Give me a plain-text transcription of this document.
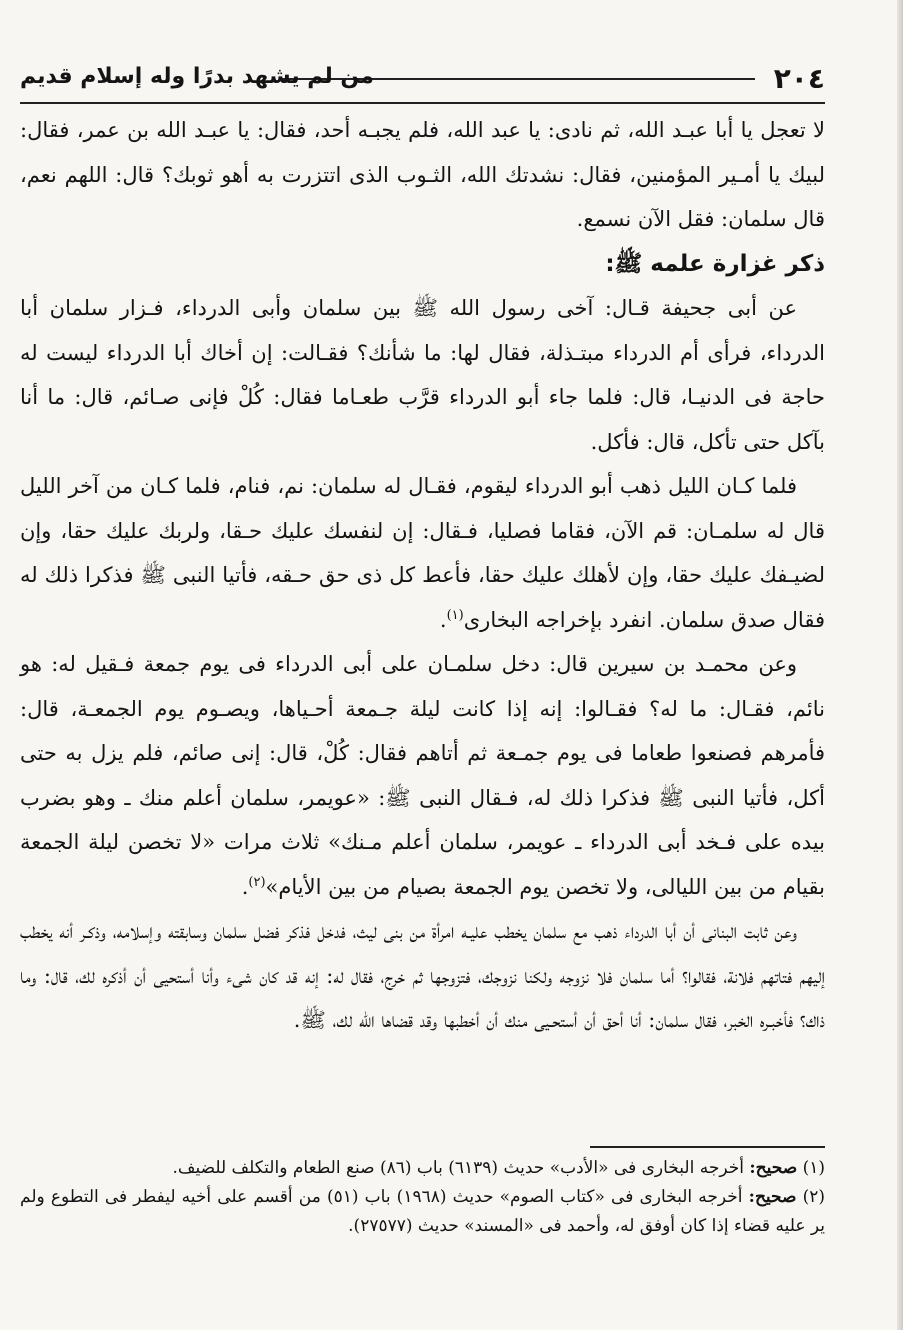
٢٠٤
من لم يشهد بدرًا وله إسلام قديم

لا تعجل يا أبا عبـد الله، ثم نادى: يا عبد الله، فلم يجبـه أحد، فقال: يا عبـد الله بن عمر، فقال: لبيك يا أمـير المؤمنين، فقال: نشدتك الله، الثـوب الذى اتتزرت به أهو ثوبك؟ قال: اللهم نعم، قال سلمان: فقل الآن نسمع.

ذكر غزارة علمه ﷺ:

عن أبى جحيفة قـال: آخى رسول الله ﷺ بين سلمان وأبى الدرداء، فـزار سلمان أبا الدرداء، فرأى أم الدرداء مبتـذلة، فقال لها: ما شأنك؟ فقـالت: إن أخاك أبا الدرداء ليست له حاجة فى الدنيـا، قال: فلما جاء أبو الدرداء قرَّب طعـاما فقال: كُلْ فإنى صـائم، قال: ما أنا بآكل حتى تأكل، قال: فأكل.

فلما كـان الليل ذهب أبو الدرداء ليقوم، فقـال له سلمان: نم، فنام، فلما كـان من آخر الليل قال له سلمـان: قم الآن، فقاما فصليا، فـقال: إن لنفسك عليك حـقا، ولربك عليك حقا، وإن لضيـفك عليك حقا، وإن لأهلك عليك حقا، فأعط كل ذى حق حـقه، فأتيا النبى ﷺ فذكرا ذلك له فقال صدق سلمان. انفرد بإخراجه البخارى$^{(١)}$.

وعن محمـد بن سيرين قال: دخل سلمـان على أبى الدرداء فى يوم جمعة فـقيل له: هو نائم، فقـال: ما له؟ فقـالوا: إنه إذا كانت ليلة جـمعة أحـياها، ويصـوم يوم الجمعـة، قال: فأمرهم فصنعوا طعاما فى يوم جمـعة ثم أتاهم فقال: كُلْ، قال: إنى صائم، فلم يزل به حتى أكل، فأتيا النبى ﷺ فذكرا ذلك له، فـقال النبى ﷺ: «عويمر، سلمان أعلم منك ـ وهو بضرب بيده على فـخد أبى الدرداء ـ عويمر، سلمان أعلم مـنك» ثلاث مرات «لا تخصن ليلة الجمعة بقيام من بين الليالى، ولا تخصن يوم الجمعة بصيام من بين الأيام»$^{(٢)}$.

وعن ثابت البنانى أن أبا الدرداء ذهب مع سلمان يخطب عليـه امرأة من بنى ليث، فدخل فذكر فضل سلمان وسابقته وإسلامه، وذكـر أنه يخطب إليهم فتاتهم فلانة، فقالوا؟ أما سلمان فلا نزوجه ولكنا نزوجك، فتزوجها ثم خرج، فقال له: إنه قد كان شىء وأنا أستحيى أن أذكره لك، قال: وما ذاك؟ فأخبـره الخبر، فقال سلمان: أنا أحق أن أستحـيى منك أن أخطبها وقد قضاها الله لك، ﷺ.

(١) صحيح: أخرجه البخارى فى «الأدب» حديث (٦١٣٩) باب (٨٦) صنع الطعام والتكلف للضيف.

(٢) صحيح: أخرجه البخارى فى «كتاب الصوم» حديث (١٩٦٨) باب (٥١) من أقسم على أخيه ليفطر فى التطوع ولم ير عليه قضاء إذا كان أوفق له، وأحمد فى «المسند» حديث (٢٧٥٧٧).
